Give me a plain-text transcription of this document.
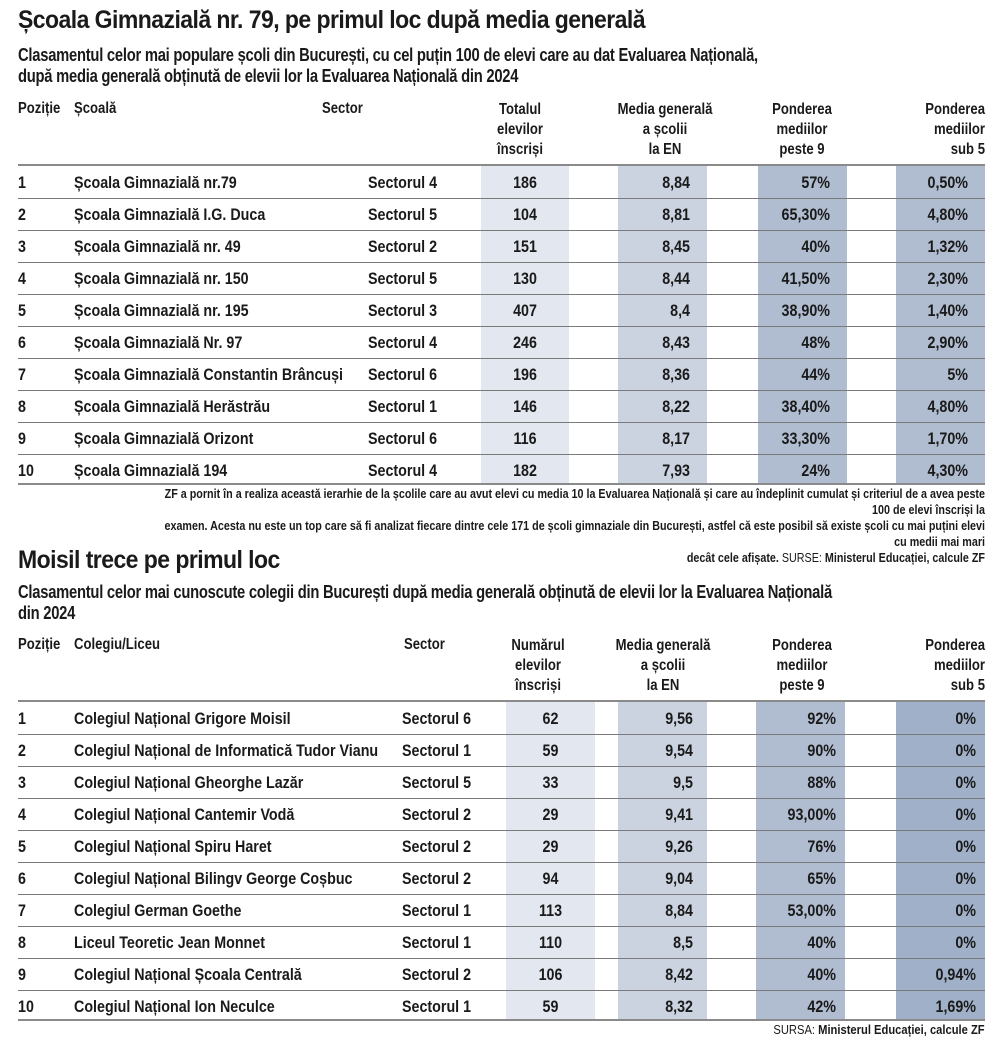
Școala Gimnazială nr. 79, pe primul loc după media generală
Clasamentul celor mai populare școli din București, cu cel puțin 100 de elevi care au dat Evaluarea Națională,
după media generală obținută de elevii lor la Evaluarea Națională din 2024
Poziție Școală	Sector	Totalul
elevilor
înscriși
Media generală
a școlii
la EN
Ponderea
mediilor
peste 9
Ponderea
mediilor
sub 5
1	Școala Gimnazială nr.79	Sectorul 4	186	8,84	57%	0,50%
2	Școala Gimnazială I.G. Duca	Sectorul 5	104	8,81	65,30%	4,80%
3	Școala Gimnazială nr. 49	Sectorul 2	151	8,45	40%	1,32%
4	Școala Gimnazială nr. 150	Sectorul 5	130	8,44	41,50%	2,30%
5	Școala Gimnazială nr. 195	Sectorul 3	407	8,4	38,90%	1,40%
6	Școala Gimnazială Nr. 97	Sectorul 4	246	8,43	48%	2,90%
7	Școala Gimnazială Constantin Brâncuși Sectorul 6	196	8,36	44%	5%
8	Școala Gimnazială Herăstrău	Sectorul 1	146	8,22	38,40%	4,80%
9	Școala Gimnazială Orizont	Sectorul 6	116	8,17	33,30%	1,70%
10 Școala Gimnazială 194	Sectorul 4	182	7,93	24%	4,30%
ZF a pornit în a realiza această ierarhie de la școlile care au avut elevi cu media 10 la Evaluarea Națională și care au îndeplinit cumulat și criteriul de a avea peste 100 de elevi înscriși la
examen. Acesta nu este un top care să fi analizat fiecare dintre cele 171 de școli gimnaziale din București, astfel că este posibil să existe școli cu mai puțini elevi cu medii mai mari
decât cele afișate. SURSE: Ministerul Educației, calcule ZF
Moisil trece pe primul loc
Clasamentul celor mai cunoscute colegii din București după media generală obținută de elevii lor la Evaluarea Națională
din 2024
Poziție Colegiu/Liceu	Sector	Numărul
elevilor
înscriși
Media generală
a școlii
la EN
Ponderea
mediilor
peste 9
Ponderea
mediilor
sub 5
1	Colegiul Național Grigore Moisil	Sectorul 6	62	9,56	92%	0%
2	Colegiul Național de Informatică Tudor Vianu Sectorul 1	59	9,54	90%	0%
3	Colegiul Național Gheorghe Lazăr	Sectorul 5	33	9,5	88%	0%
4	Colegiul Național Cantemir Vodă	Sectorul 2	29	9,41	93,00%	0%
5	Colegiul Național Spiru Haret	Sectorul 2	29	9,26	76%	0%
6	Colegiul Național Bilingv George Coșbuc	Sectorul 2	94	9,04	65%	0%
7	Colegiul German Goethe	Sectorul 1	113	8,84	53,00%	0%
8	Liceul Teoretic Jean Monnet	Sectorul 1	110	8,5	40%	0%
9	Colegiul Național Școala Centrală	Sectorul 2	106	8,42	40%	0,94%
10 Colegiul Național Ion Neculce	Sectorul 1	59	8,32	42%	1,69%
SURSA: Ministerul Educației, calcule ZF
